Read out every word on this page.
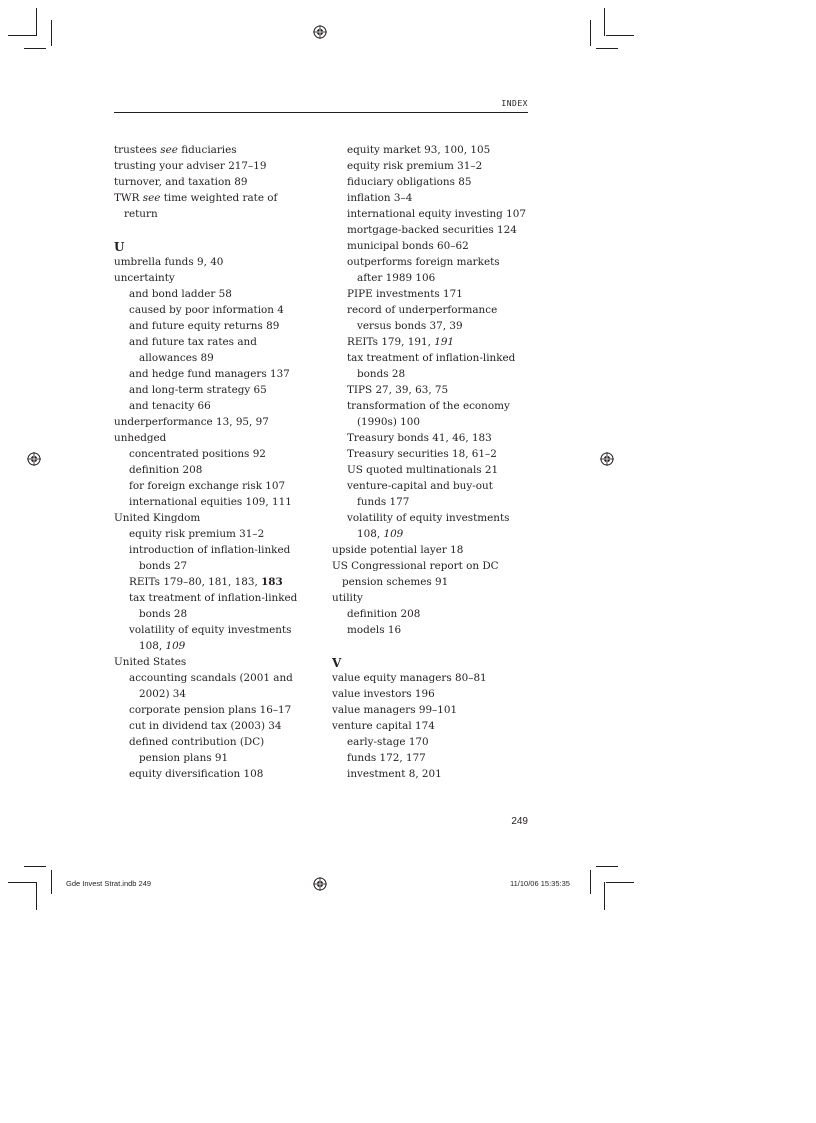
INDEX
trustees see fiduciaries
trusting your adviser 217–19
turnover, and taxation 89
TWR see time weighted rate of
return
U
umbrella funds 9, 40
uncertainty
and bond ladder 58
caused by poor information 4
and future equity returns 89
and future tax rates and
allowances 89
and hedge fund managers 137
and long-term strategy 65
and tenacity 66
underperformance 13, 95, 97
unhedged
concentrated positions 92
definition 208
for foreign exchange risk 107
international equities 109, 111
United Kingdom
equity risk premium 31–2
introduction of inflation-linked
bonds 27
REITs 179–80, 181, 183, 183
tax treatment of inflation-linked
bonds 28
volatility of equity investments
108, 109
United States
accounting scandals (2001 and
2002) 34
corporate pension plans 16–17
cut in dividend tax (2003) 34
defined contribution (DC)
pension plans 91
equity diversification 108
equity market 93, 100, 105
equity risk premium 31–2
fiduciary obligations 85
inflation 3–4
international equity investing 107
mortgage-backed securities 124
municipal bonds 60–62
outperforms foreign markets
after 1989 106
PIPE investments 171
record of underperformance
versus bonds 37, 39
REITs 179, 191, 191
tax treatment of inflation-linked
bonds 28
TIPS 27, 39, 63, 75
transformation of the economy
(1990s) 100
Treasury bonds 41, 46, 183
Treasury securities 18, 61–2
US quoted multinationals 21
venture-capital and buy-out
funds 177
volatility of equity investments
108, 109
upside potential layer 18
US Congressional report on DC
pension schemes 91
utility
definition 208
models 16
V
value equity managers 80–81
value investors 196
value managers 99–101
venture capital 174
early-stage 170
funds 172, 177
investment 8, 201
249
Gde Invest Strat.indb 249	11/10/06 15:35:35
